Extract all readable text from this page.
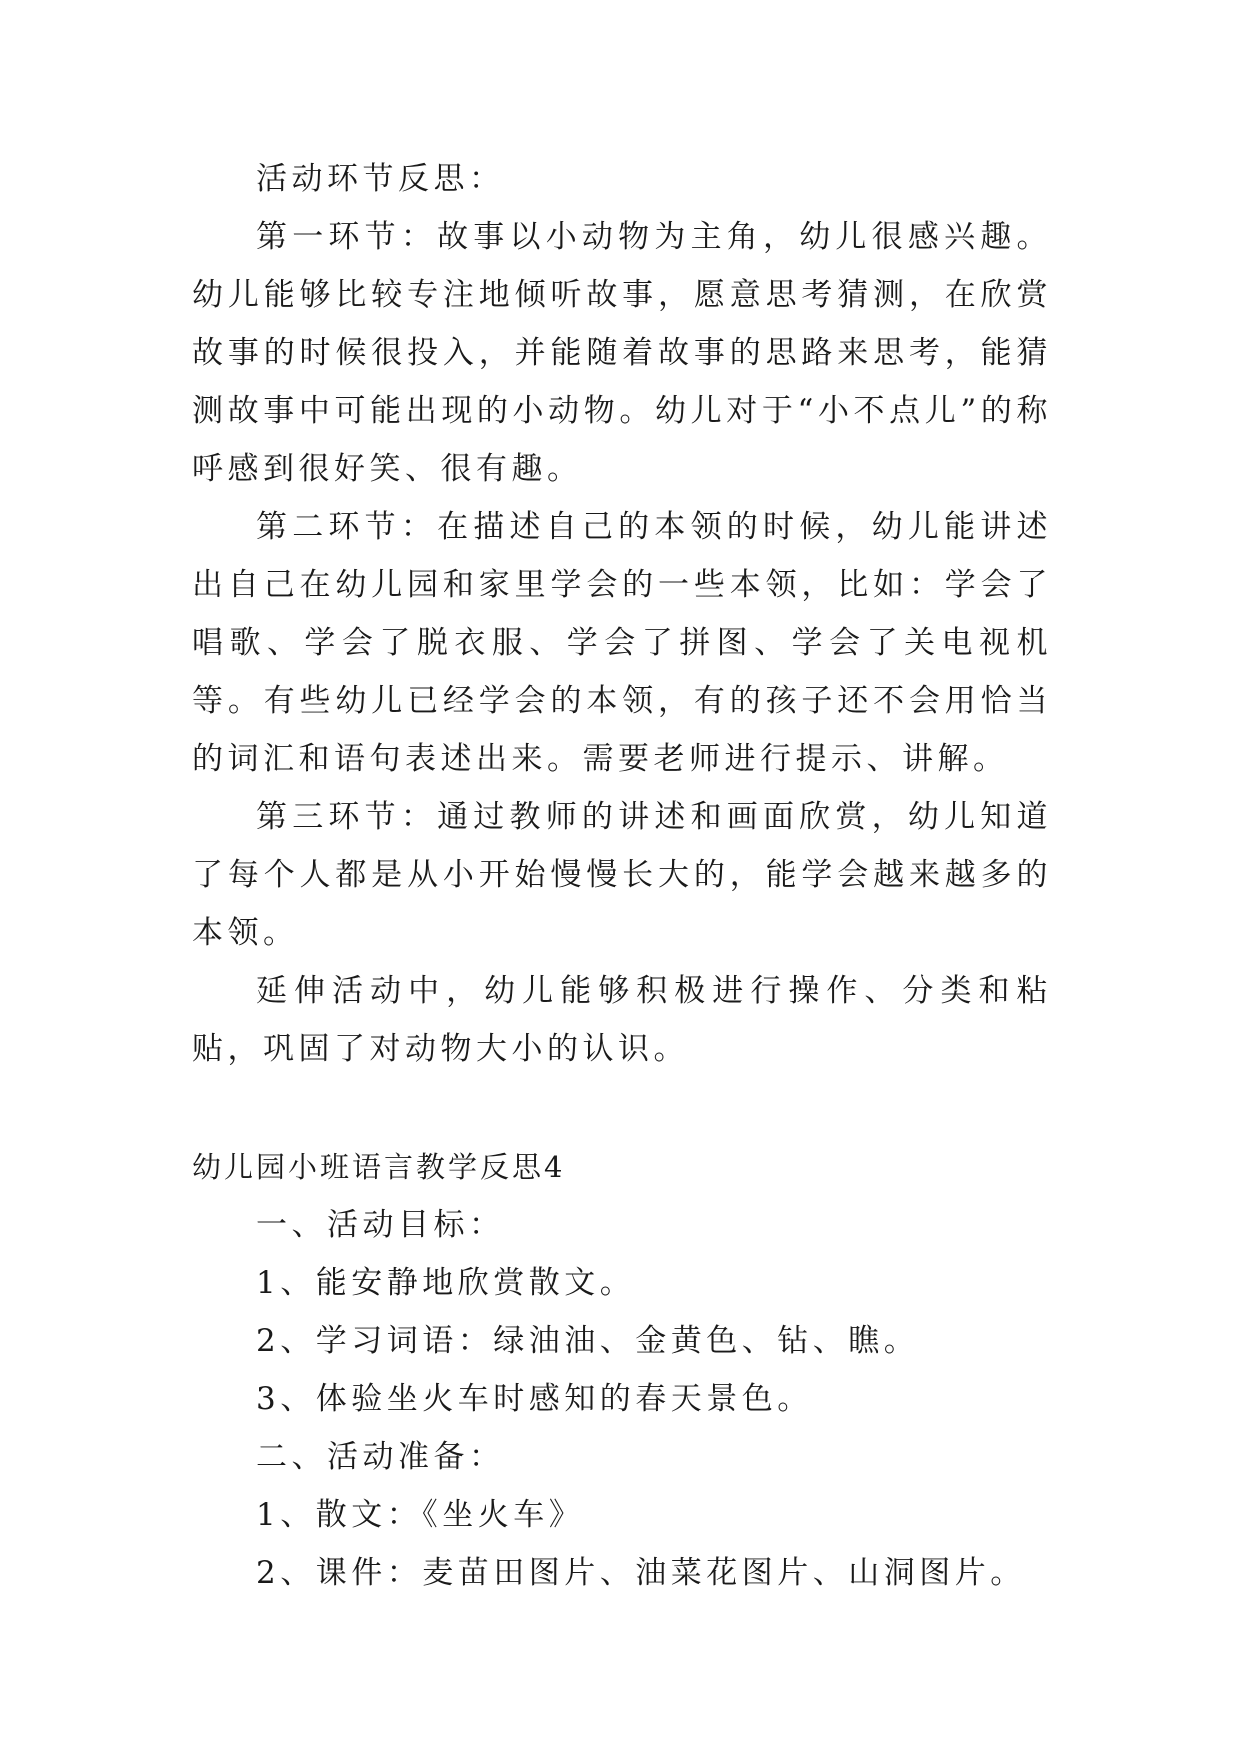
活动环节反思：

第一环节：故事以小动物为主角，幼儿很感兴趣。幼儿能够比较专注地倾听故事，愿意思考猜测，在欣赏故事的时候很投入，并能随着故事的思路来思考，能猜测故事中可能出现的小动物。幼儿对于“小不点儿”的称呼感到很好笑、很有趣。

第二环节：在描述自己的本领的时候，幼儿能讲述出自己在幼儿园和家里学会的一些本领，比如：学会了唱歌、学会了脱衣服、学会了拼图、学会了关电视机等。有些幼儿已经学会的本领，有的孩子还不会用恰当的词汇和语句表述出来。需要老师进行提示、讲解。

第三环节：通过教师的讲述和画面欣赏，幼儿知道了每个人都是从小开始慢慢长大的，能学会越来越多的本领。

延伸活动中，幼儿能够积极进行操作、分类和粘贴，巩固了对动物大小的认识。

幼儿园小班语言教学反思4

一、活动目标：

1、能安静地欣赏散文。

2、学习词语：绿油油、金黄色、钻、瞧。

3、体验坐火车时感知的春天景色。

二、活动准备：

1、散文：《坐火车》

2、课件：麦苗田图片、油菜花图片、山洞图片。
